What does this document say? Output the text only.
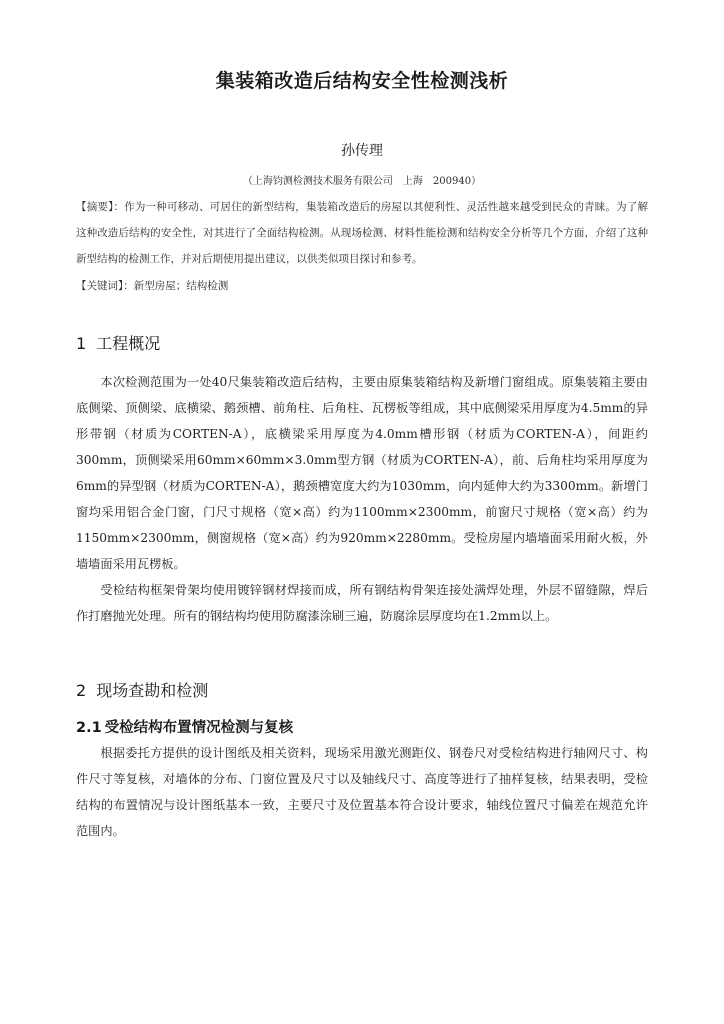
集装箱改造后结构安全性检测浅析
孙传理
（上海钧测检测技术服务有限公司　上海　200940）

【摘要】：作为一种可移动、可居住的新型结构，集装箱改造后的房屋以其便利性、灵活性越来越受到民众的青睐。为了解这种改造后结构的安全性，对其进行了全面结构检测。从现场检测、材料性能检测和结构安全分析等几个方面，介绍了这种新型结构的检测工作，并对后期使用提出建议，以供类似项目探讨和参考。

【关键词】：新型房屋；结构检测
1 工程概况

本次检测范围为一处40尺集装箱改造后结构，主要由原集装箱结构及新增门窗组成。原集装箱主要由底侧梁、顶侧梁、底横梁、鹅颈槽、前角柱、后角柱、瓦楞板等组成，其中底侧梁采用厚度为4.5mm的异形带钢（材质为CORTEN-A），底横梁采用厚度为4.0mm槽形钢（材质为CORTEN-A），间距约300mm，顶侧梁采用60mm×60mm×3.0mm型方钢（材质为CORTEN-A），前、后角柱均采用厚度为6mm的异型钢（材质为CORTEN-A），鹅颈槽宽度大约为1030mm，向内延伸大约为3300mm。新增门窗均采用铝合金门窗，门尺寸规格（宽×高）约为1100mm×2300mm，前窗尺寸规格（宽×高）约为1150mm×2300mm，侧窗规格（宽×高）约为920mm×2280mm。受检房屋内墙墙面采用耐火板，外墙墙面采用瓦楞板。

受检结构框架骨架均使用镀锌钢材焊接而成，所有钢结构骨架连接处满焊处理，外层不留缝隙，焊后作打磨抛光处理。所有的钢结构均使用防腐漆涂刷三遍，防腐涂层厚度均在1.2mm以上。

2 现场查勘和检测
2.1  受检结构布置情况检测与复核

根据委托方提供的设计图纸及相关资料，现场采用激光测距仪、钢卷尺对受检结构进行轴网尺寸、构件尺寸等复核，对墙体的分布、门窗位置及尺寸以及轴线尺寸、高度等进行了抽样复核，结果表明，受检结构的布置情况与设计图纸基本一致，主要尺寸及位置基本符合设计要求，轴线位置尺寸偏差在规范允许范围内。
